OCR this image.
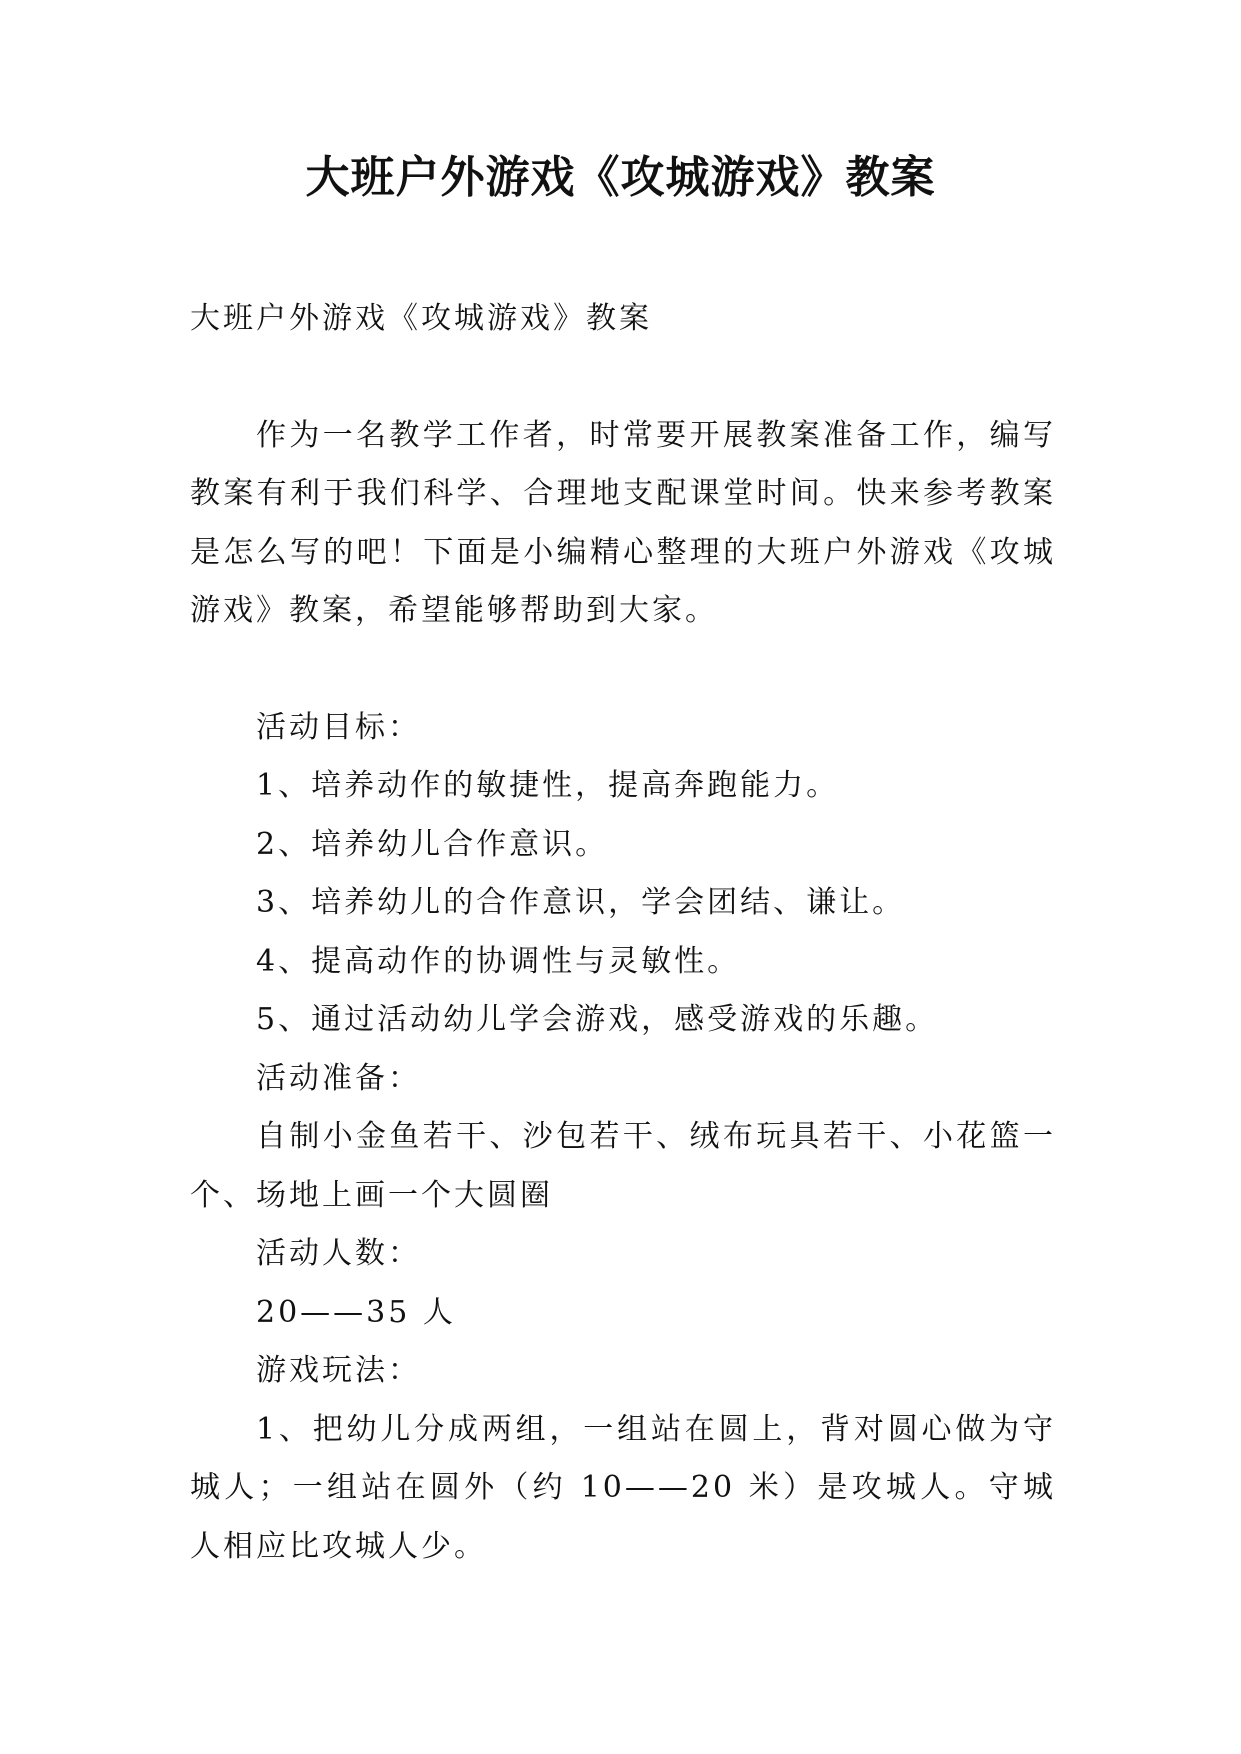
大班户外游戏《攻城游戏》教案

大班户外游戏《攻城游戏》教案

作为一名教学工作者，时常要开展教案准备工作，编写教案有利于我们科学、合理地支配课堂时间。快来参考教案是怎么写的吧！下面是小编精心整理的大班户外游戏《攻城游戏》教案，希望能够帮助到大家。

活动目标：

1、培养动作的敏捷性，提高奔跑能力。

2、培养幼儿合作意识。

3、培养幼儿的合作意识，学会团结、谦让。

4、提高动作的协调性与灵敏性。

5、通过活动幼儿学会游戏，感受游戏的乐趣。

活动准备：

自制小金鱼若干、沙包若干、绒布玩具若干、小花篮一个、场地上画一个大圆圈

活动人数：

20——35 人

游戏玩法：

1、把幼儿分成两组，一组站在圆上，背对圆心做为守城人；一组站在圆外（约 10——20 米）是攻城人。守城人相应比攻城人少。
